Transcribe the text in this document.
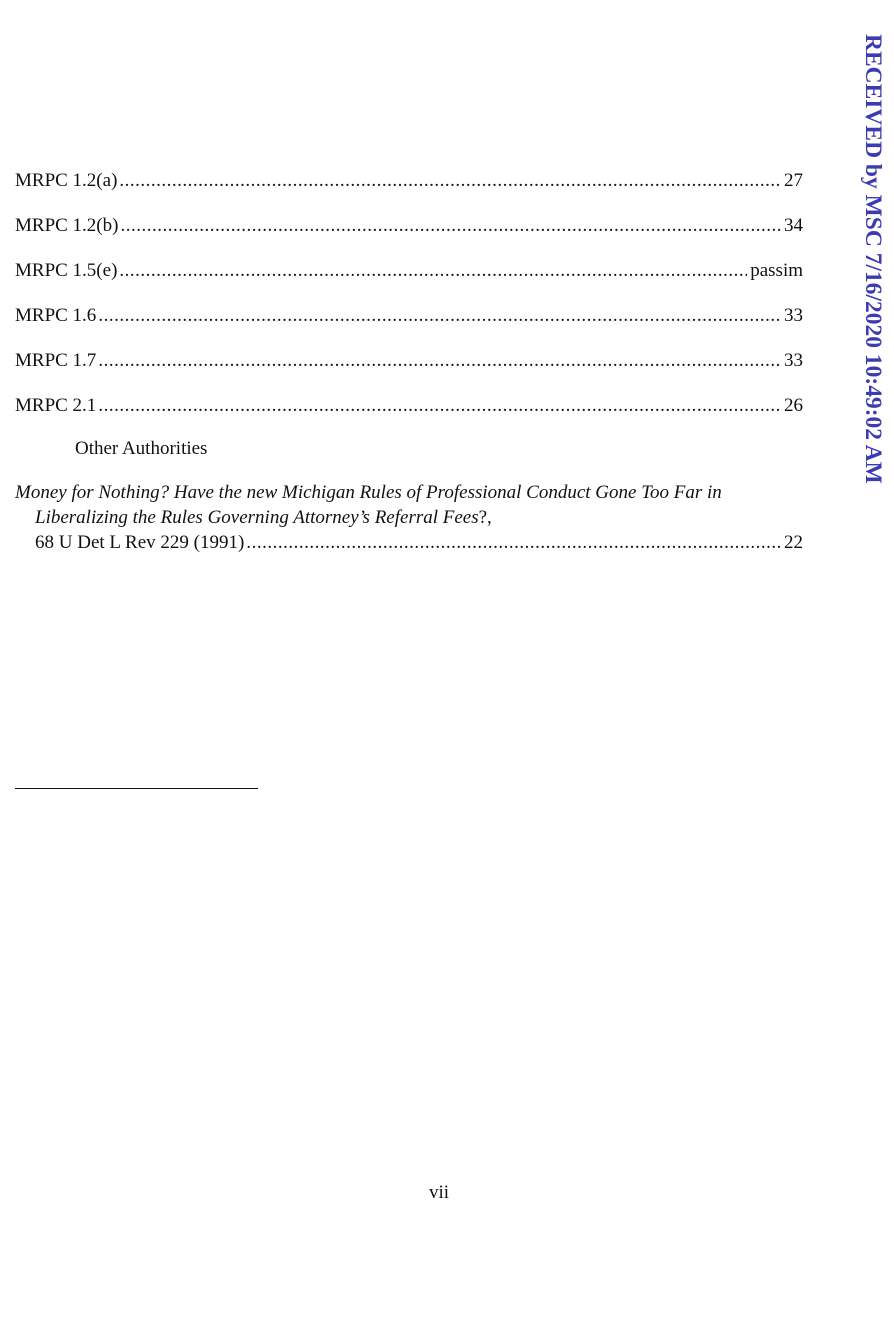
MRPC 1.2(a) .....	27
MRPC 1.2(b) .....	34
MRPC 1.5(e) .....	passim
MRPC 1.6 .....	33
MRPC 1.7 .....	33
MRPC 2.1 .....	26
Other Authorities
Money for Nothing? Have the new Michigan Rules of Professional Conduct Gone Too Far in
Liberalizing the Rules Governing Attorney’s Referral Fees?,
68 U Det L Rev 229 (1991) .....	22
vii
RECEIVED by MSC 7/16/2020 10:49:02 AM
